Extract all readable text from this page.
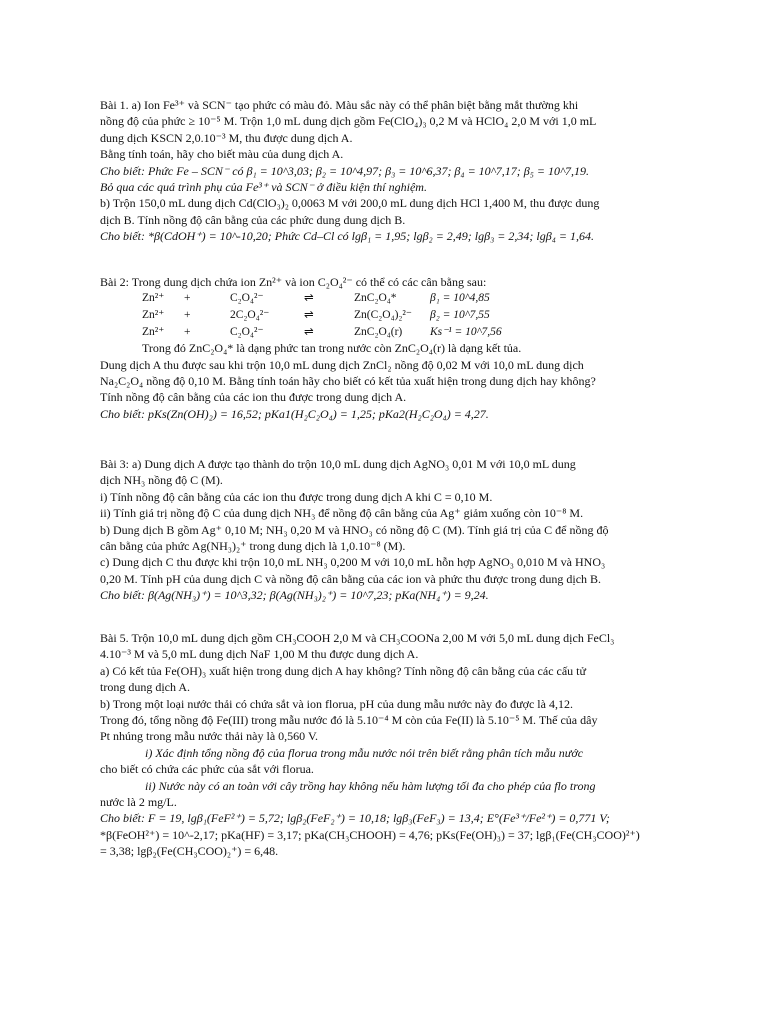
Bài 1. a) Ion Fe³⁺ và SCN⁻ tạo phức có màu đỏ. Màu sắc này có thể phân biệt bằng mắt thường khi

nồng độ của phức ≥ 10⁻⁵ M. Trộn 1,0 mL dung dịch gồm Fe(ClO₄)₃ 0,2 M và HClO₄ 2,0 M với 1,0 mL

dung dịch KSCN 2,0.10⁻³ M, thu được dung dịch A.

Bằng tính toán, hãy cho biết màu của dung dịch A.

Cho biết: Phức Fe – SCN⁻ có β₁ = 10^3,03; β₂ = 10^4,97; β₃ = 10^6,37; β₄ = 10^7,17; β₅ = 10^7,19.

Bỏ qua các quá trình phụ của Fe³⁺ và SCN⁻ ở điều kiện thí nghiệm.

b) Trộn 150,0 mL dung dịch Cd(ClO₃)₂ 0,0063 M với 200,0 mL dung dịch HCl 1,400 M, thu được dung

dịch B. Tính nồng độ cân bằng của các phức dung dung dịch B.

Cho biết: *β(CdOH⁺) = 10^-10,20; Phức Cd–Cl có lgβ₁ = 1,95; lgβ₂ = 2,49; lgβ₃ = 2,34; lgβ₄ = 1,64.

Bài 2: Trong dung dịch chứa ion Zn²⁺ và ion C₂O₄²⁻ có thể có các cân bằng sau:

Zn²⁺	+	C₂O₄²⁻	⇌	ZnC₂O₄*	β₁ = 10^4,85
Zn²⁺	+	2C₂O₄²⁻	⇌	Zn(C₂O₄)₂²⁻	β₂ = 10^7,55
Zn²⁺	+	C₂O₄²⁻	⇌	ZnC₂O₄(r)	Ks⁻¹ = 10^7,56

Trong đó ZnC₂O₄* là dạng phức tan trong nước còn ZnC₂O₄(r) là dạng kết tủa.

Dung dịch A thu được sau khi trộn 10,0 mL dung dịch ZnCl₂ nồng độ 0,02 M với 10,0 mL dung dịch

Na₂C₂O₄ nồng độ 0,10 M. Bằng tính toán hãy cho biết có kết tủa xuất hiện trong dung dịch hay không?

Tính nồng độ cân bằng của các ion thu được trong dung dịch A.

Cho biết: pKs(Zn(OH)₂) = 16,52; pKa1(H₂C₂O₄) = 1,25; pKa2(H₂C₂O₄) = 4,27.

Bài 3: a) Dung dịch A được tạo thành do trộn 10,0 mL dung dịch AgNO₃ 0,01 M với 10,0 mL dung

dịch NH₃ nồng độ C (M).

i) Tính nồng độ cân bằng của các ion thu được trong dung dịch A khi C = 0,10 M.

ii) Tính giá trị nồng độ C của dung dịch NH₃ để nồng độ cân bằng của Ag⁺ giảm xuống còn 10⁻⁸ M.

b) Dung dịch B gồm Ag⁺ 0,10 M; NH₃ 0,20 M và HNO₃ có nồng độ C (M). Tính giá trị của C để nồng độ

cân bằng của phức Ag(NH₃)₂⁺ trong dung dịch là 1,0.10⁻⁸ (M).

c) Dung dịch C thu được khi trộn 10,0 mL NH₃ 0,200 M với 10,0 mL hỗn hợp AgNO₃ 0,010 M và HNO₃

0,20 M. Tính pH của dung dịch C và nồng độ cân bằng của các ion và phức thu được trong dung dịch B.

Cho biết: β(Ag(NH₃)⁺) = 10^3,32; β(Ag(NH₃)₂⁺) = 10^7,23; pKa(NH₄⁺) = 9,24.

Bài 5. Trộn 10,0 mL dung dịch gồm CH₃COOH 2,0 M và CH₃COONa 2,00 M với 5,0 mL dung dịch FeCl₃

4.10⁻³ M và 5,0 mL dung dịch NaF 1,00 M thu được dung dịch A.

a) Có kết tủa Fe(OH)₃ xuất hiện trong dung dịch A hay không? Tính nồng độ cân bằng của các cấu tử

trong dung dịch A.

b) Trong một loại nước thải có chứa sắt và ion florua, pH của dung mẫu nước này đo được là 4,12.

Trong đó, tổng nồng độ Fe(III) trong mẫu nước đó là 5.10⁻⁴ M còn của Fe(II) là 5.10⁻⁵ M. Thế của dây

Pt nhúng trong mẫu nước thải này là 0,560 V.

i) Xác định tổng nồng độ của florua trong mẫu nước nói trên biết rằng phân tích mẫu nước

cho biết có chứa các phức của sắt với florua.

ii) Nước này có an toàn với cây trồng hay không nếu hàm lượng tối đa cho phép của flo trong

nước là 2 mg/L.

Cho biết: F = 19, lgβ₁(FeF²⁺) = 5,72; lgβ₂(FeF₂⁺) = 10,18; lgβ₃(FeF₃) = 13,4; E°(Fe³⁺/Fe²⁺) = 0,771 V;

*β(FeOH²⁺) = 10^-2,17; pKa(HF) = 3,17; pKa(CH₃CHOOH) = 4,76; pKs(Fe(OH)₃) = 37; lgβ₁(Fe(CH₃COO)²⁺)

= 3,38; lgβ₂(Fe(CH₃COO)₂⁺) = 6,48.
